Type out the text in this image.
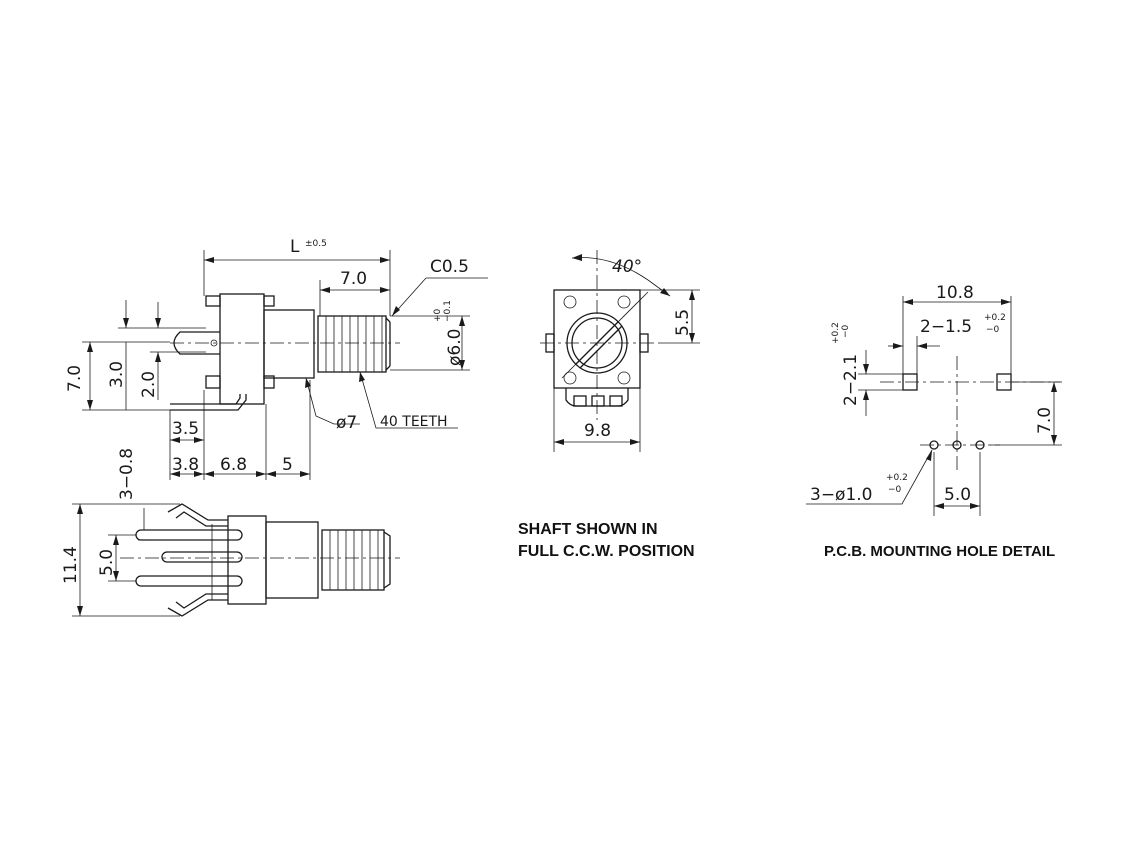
L ±0.5
7.0
C0.5
ø6.0
+0 −0.1
7.0 3.0 2.0
ø7 40 TEETH
3.5
3.8 6.8 5
11.4 5.0
3−0.8
40°
5.5
9.8
SHAFT SHOWN IN
FULL C.C.W. POSITION
10.8
2−1.5 +0.2
−0
2−2.1
+0.2 −0
7.0
3−ø1.0
+0.2
−0	5.0
P.C.B. MOUNTING HOLE DETAIL
